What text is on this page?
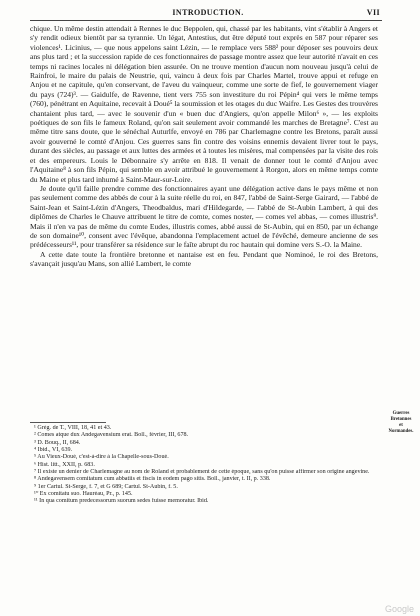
INTRODUCTION.	VII

chique. Un même destin attendait à Rennes le duc Beppolen, qui, chassé par les habitants, vint s'établir à Angers et s'y rendit odieux bientôt par sa tyrannie. Un légat, Antestius, dut être député tout exprès en 587 pour réparer ses violences¹. Licinius, — que nous appelons saint Lézin, — le remplace vers 588² pour déposer ses pouvoirs deux ans plus tard ; et la succession rapide de ces fonctionnaires de passage montre assez que leur autorité n'avait en ces temps ni racines locales ni délégation bien assurée. On ne trouve mention d'aucun nom nouveau jusqu'à celui de Rainfroi, le maire du palais de Neustrie, qui, vaincu à deux fois par Charles Martel, trouve appui et refuge en Anjou et ne capitule, qu'en conservant, de l'aveu du vainqueur, comme une sorte de fief, le gouvernement viager du pays (724)³. — Gaidulfe, de Ravenne, tient vers 755 son investiture du roi Pépin⁴ qui vers le même temps (760), pénétrant en Aquitaine, recevait à Doué⁵ la soumission et les otages du duc Waifre. Les Gestes des trouvères chantaient plus tard, — avec le souvenir d'un « buen duc d'Angiers, qu'on appelle Milon⁶ », — les exploits poétiques de son fils le fameux Roland, qu'on sait seulement avoir commandé les marches de Bretagne⁷. C'est au même titre sans doute, que le sénéchal Auturlfe, envoyé en 786 par Charlemagne contre les Bretons, paraît aussi avoir gouverné le comté d'Anjou. Ces guerres sans fin contre des voisins ennemis devaient livrer tout le pays, durant des siècles, au passage et aux luttes des armées et à toutes les misères, mal compensées par la visite des rois et des empereurs. Louis le Débonnaire s'y arrête en 818. Il venait de donner tout le comté d'Anjou avec l'Aquitaine⁸ à son fils Pépin, qui semble en avoir attribué le gouvernement à Rorgon, alors en même temps comte du Maine et plus tard inhumé à Saint-Maur-sur-Loire.

Je doute qu'il faille prendre comme des fonctionnaires ayant une délégation active dans le pays même et non pas seulement comme des abbés de cour à la suite réelle du roi, en 847, l'abbé de Saint-Serge Gairard, — l'abbé de Saint-Jean et Saint-Lézin d'Angers, Theodbaldus, mari d'Hildegarde, — l'abbé de St-Aubin Lambert, à qui des diplômes de Charles le Chauve attribuent le titre de comte, comes noster, — comes vel abbas, — comes illustris⁹. Mais il n'en va pas de même du comte Eudes, illustris comes, abbé aussi de St-Aubin, qui en 850, par un échange de son domaine¹⁰, consent avec l'évêque, abandonna l'emplacement actuel de l'évêché, demeure ancienne de ses prédécesseurs¹¹, pour transférer sa résidence sur le faîte abrupt du roc hautain qui domine vers S.-O. la Maine.

A cette date toute la frontière bretonne et nantaise est en feu. Pendant que Nominoé, le roi des Bretons, s'avançait jusqu'au Mans, son allié Lambert, le comte

Guerres
Bretonnes
et
Normandes.
¹ Grég. de T., VIII, 18, 41 et 43.
² Comes atque dux Andegavensium erat. Boll., février, III, 678.
³ D. Bouq., II, 684.
⁴ Ibid., VI, 639.
⁵ Au Vieux-Doué, c'est-à-dire à la Chapelle-sous-Doué.
⁶ Hist. litt., XXII, p. 683.
⁷ Il existe un denier de Charlemagne au nom de Roland et probablement de cette époque, sans qu'on puisse affirmer son origine angevine.
⁸ Andegavensem comitatum cum abbatiis et fiscis in eodem pago sitis. Boll., janvier, t. II, p. 338.
⁹ 1er Cartul. St-Serge, f. 7, et G 689; Cartul. St-Aubin, f. 5.
¹⁰ Ex comitatu suo. Hauréau, Pr., p. 145.
¹¹ In qua comitum predecessorum suorum sedes fuisse memoratur. Ibid.
Google
